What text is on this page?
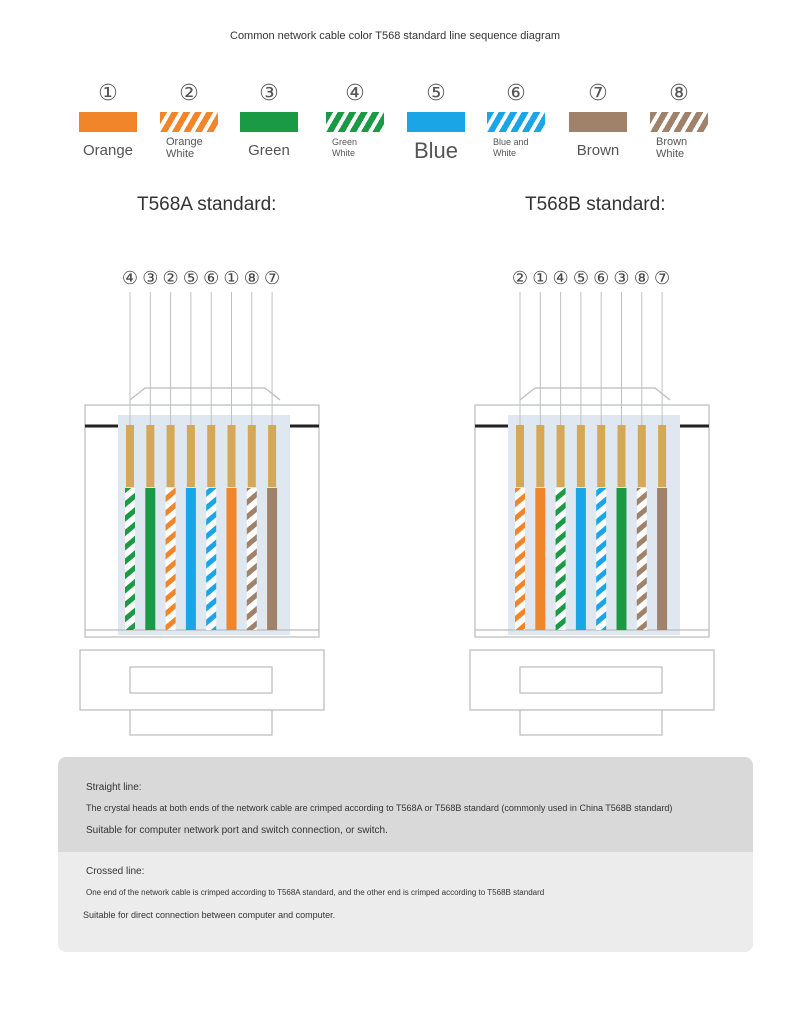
Common network cable color T568 standard line sequence diagram
①
Orange
②
Orange
White
③
Green
④
Green
White
⑤
Blue
⑥
Blue and
White
⑦
Brown
⑧
Brown
White
T568A standard:	T568B standard:
④ ③ ② ⑤ ⑥ ① ⑧ ⑦	② ① ④ ⑤ ⑥ ③ ⑧ ⑦
Straight line:
The crystal heads at both ends of the network cable are crimped according to T568A or T568B standard (commonly used in China T568B standard)
Suitable for computer network port and switch connection, or switch.
Crossed line:
One end of the network cable is crimped according to T568A standard, and the other end is crimped according to T568B standard
Suitable for direct connection between computer and computer.
